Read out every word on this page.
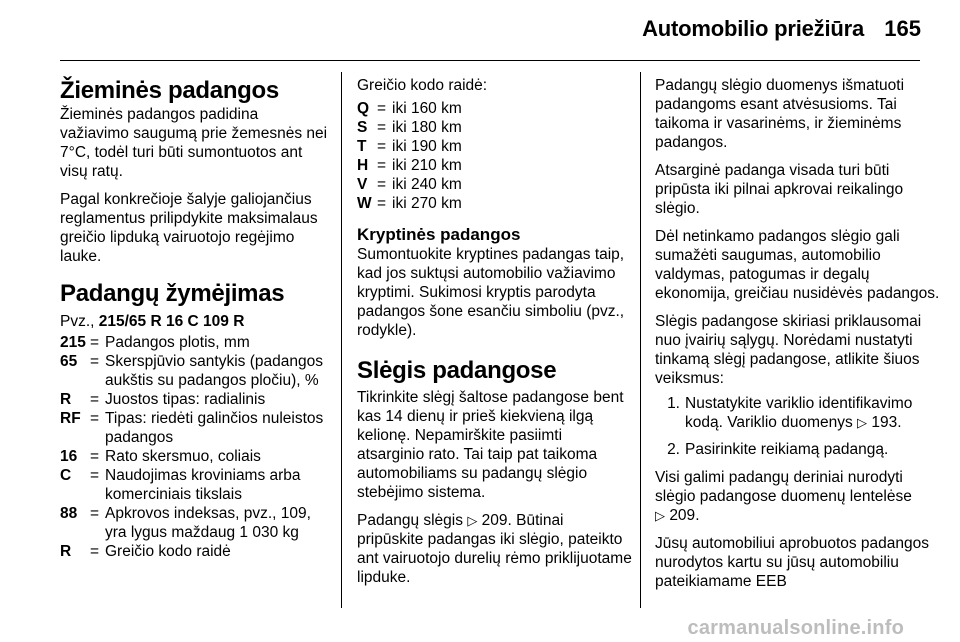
Automobilio priežiūra 165
Žieminės padangos

Žieminės padangos padidina važiavimo saugumą prie žemesnės nei 7°C, todėl turi būti sumontuotos ant visų ratų.

Pagal konkrečioje šalyje galiojančius reglamentus prilipdykite maksimalaus greičio lipduką vairuotojo regėjimo lauke.

Padangų žymėjimas

Pvz., 215/65 R 16 C 109 R

215 = Padangos plotis, mm
65 = Skerspjūvio santykis (padangos aukštis su padangos pločiu), %
R	= Juostos tipas: radialinis
RF = Tipas: riedėti galinčios nuleistos padangos
16 = Rato skersmuo, coliais
C	= Naudojimas kroviniams arba komerciniais tikslais
88 = Apkrovos indeksas, pvz., 109, yra lygus maždaug 1 030 kg
R	= Greičio kodo raidė

Greičio kodo raidė:

Q = iki 160 km
S = iki 180 km
T = iki 190 km
H = iki 210 km
V = iki 240 km
W = iki 270 km
Kryptinės padangos

Sumontuokite kryptines padangas taip, kad jos suktųsi automobilio važiavimo kryptimi. Sukimosi kryptis parodyta padangos šone esančiu simboliu (pvz., rodykle).

Slėgis padangose

Tikrinkite slėgį šaltose padangose bent kas 14 dienų ir prieš kiekvieną ilgą kelionę. Nepamirškite pasiimti atsarginio rato. Tai taip pat taikoma automobiliams su padangų slėgio stebėjimo sistema.

Padangų slėgis ▷ 209. Būtinai pripūskite padangas iki slėgio, pateikto ant vairuotojo durelių rėmo priklijuotame lipduke.

Padangų slėgio duomenys išmatuoti padangoms esant atvėsusioms. Tai taikoma ir vasarinėms, ir žieminėms padangos.

Atsarginė padanga visada turi būti pripūsta iki pilnai apkrovai reikalingo slėgio.

Dėl netinkamo padangos slėgio gali sumažėti saugumas, automobilio valdymas, patogumas ir degalų ekonomija, greičiau nusidėvės padangos.

Slėgis padangose skiriasi priklausomai nuo įvairių sąlygų. Norėdami nustatyti tinkamą slėgį padangose, atlikite šiuos veiksmus:

1. Nustatykite variklio identifikavimo kodą. Variklio duomenys ▷ 193.
2. Pasirinkite reikiamą padangą.

Visi galimi padangų deriniai nurodyti slėgio padangose duomenų lentelėse ▷ 209.

Jūsų automobiliui aprobuotos padangos nurodytos kartu su jūsų automobiliu pateikiamame EEB

carmanualsonline.info
